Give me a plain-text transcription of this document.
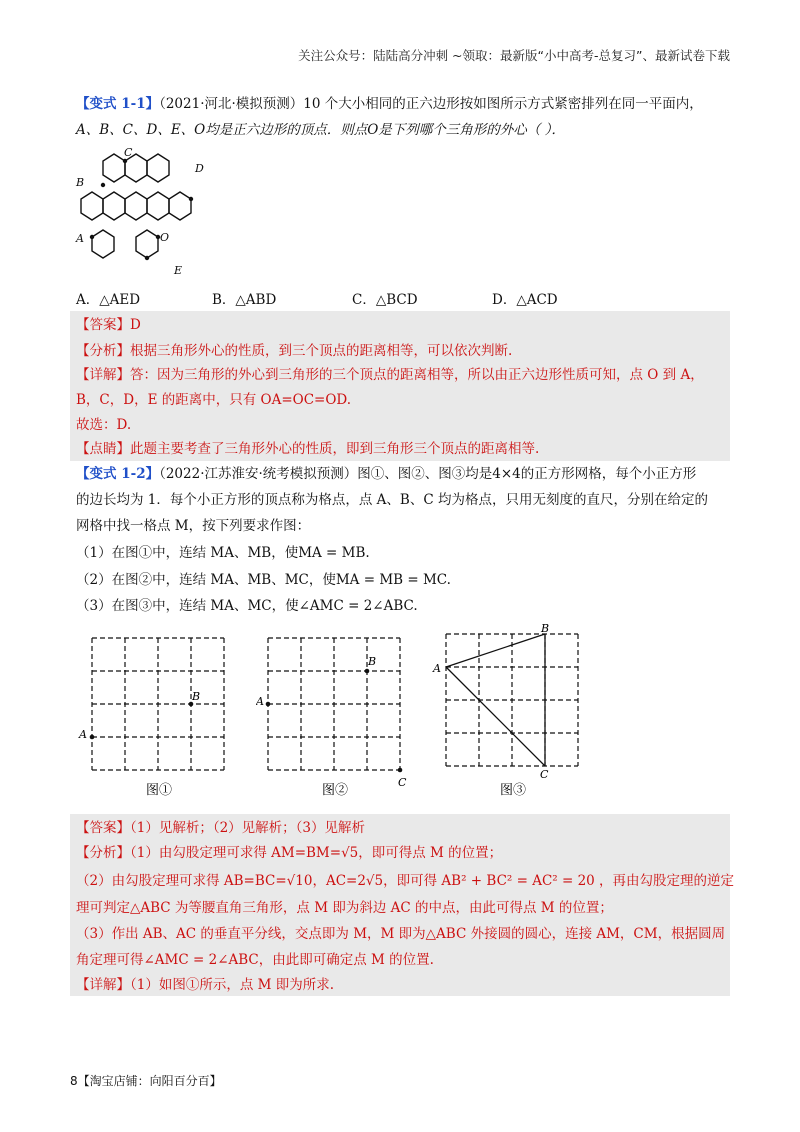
关注公众号：陆陆高分冲刺 ~领取：最新版“小中高考-总复习”、最新试卷下载
【变式 1-1】（2021·河北·模拟预测）10 个大小相同的正六边形按如图所示方式紧密排列在同一平面内，
A、B、C、D、E、O均是正六边形的顶点．则点O是下列哪个三角形的外心（ ）．
C
B
D
A	O
E
A．△AED	B．△ABD	C．△BCD	D．△ACD
【答案】D
【分析】根据三角形外心的性质，到三个顶点的距离相等，可以依次判断.
【详解】答：因为三角形的外心到三角形的三个顶点的距离相等，所以由正六边形性质可知，点 O 到 A，
B，C，D，E 的距离中，只有 OA=OC=OD.
故选：D.
【点睛】此题主要考查了三角形外心的性质，即到三角形三个顶点的距离相等.
【变式 1-2】（2022·江苏淮安·统考模拟预测）图①、图②、图③均是4×4的正方形网格，每个小正方形
的边长均为 1．每个小正方形的顶点称为格点，点 A、B、C 均为格点，只用无刻度的直尺，分别在给定的
网格中找一格点 M，按下列要求作图：
（1）在图①中，连结 MA、MB，使MA = MB.
（2）在图②中，连结 MA、MB、MC，使MA = MB = MC.
（3）在图③中，连结 MA、MC，使∠AMC = 2∠ABC.
B
A
图①
B
A
C
图②
B
A
C
图③
【答案】（1）见解析；（2）见解析；（3）见解析
【分析】（1）由勾股定理可求得 AM=BM=√5，即可得点 M 的位置；
（2）由勾股定理可求得 AB=BC=√10，AC=2√5，即可得 AB² + BC² = AC² = 20 ，再由勾股定理的逆定
理可判定△ABC 为等腰直角三角形，点 M 即为斜边 AC 的中点，由此可得点 M 的位置；
（3）作出 AB、AC 的垂直平分线，交点即为 M，M 即为△ABC 外接圆的圆心，连接 AM，CM，根据圆周
角定理可得∠AMC = 2∠ABC，由此即可确定点 M 的位置.
【详解】（1）如图①所示，点 M 即为所求.
8【淘宝店铺：向阳百分百】
